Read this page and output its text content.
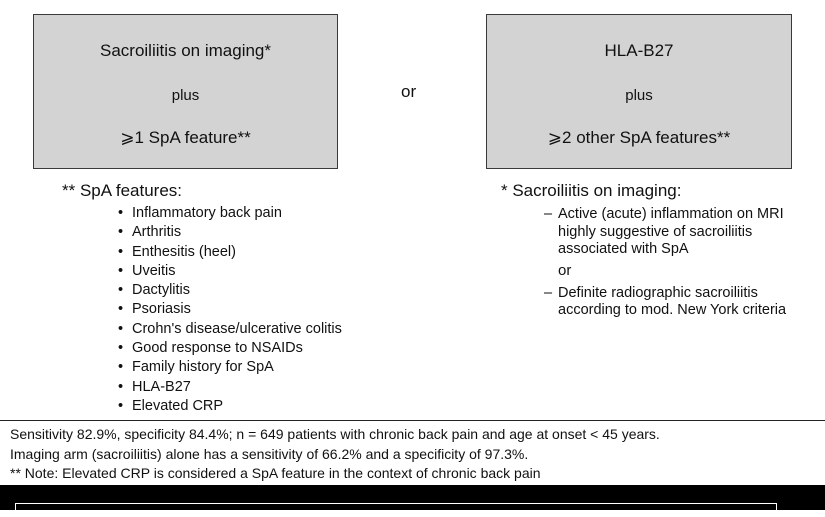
Sacroiliitis on imaging*
plus
⩾1 SpA feature**
or
HLA-B27
plus
⩾2 other SpA features**
** SpA features:
• Inflammatory back pain
• Arthritis
• Enthesitis (heel)
• Uveitis
• Dactylitis
• Psoriasis
• Crohn's disease/ulcerative colitis
• Good response to NSAIDs
• Family history for SpA
• HLA-B27
• Elevated CRP
* Sacroiliitis on imaging:
– Active (acute) inflammation on MRI highly suggestive of sacroiliitis associated with SpA
or
– Definite radiographic sacroiliitis according to mod. New York criteria
Sensitivity 82.9%, specificity 84.4%; n = 649 patients with chronic back pain and age at onset < 45 years.
Imaging arm (sacroiliitis) alone has a sensitivity of 66.2% and a specificity of 97.3%.
** Note: Elevated CRP is considered a SpA feature in the context of chronic back pain
